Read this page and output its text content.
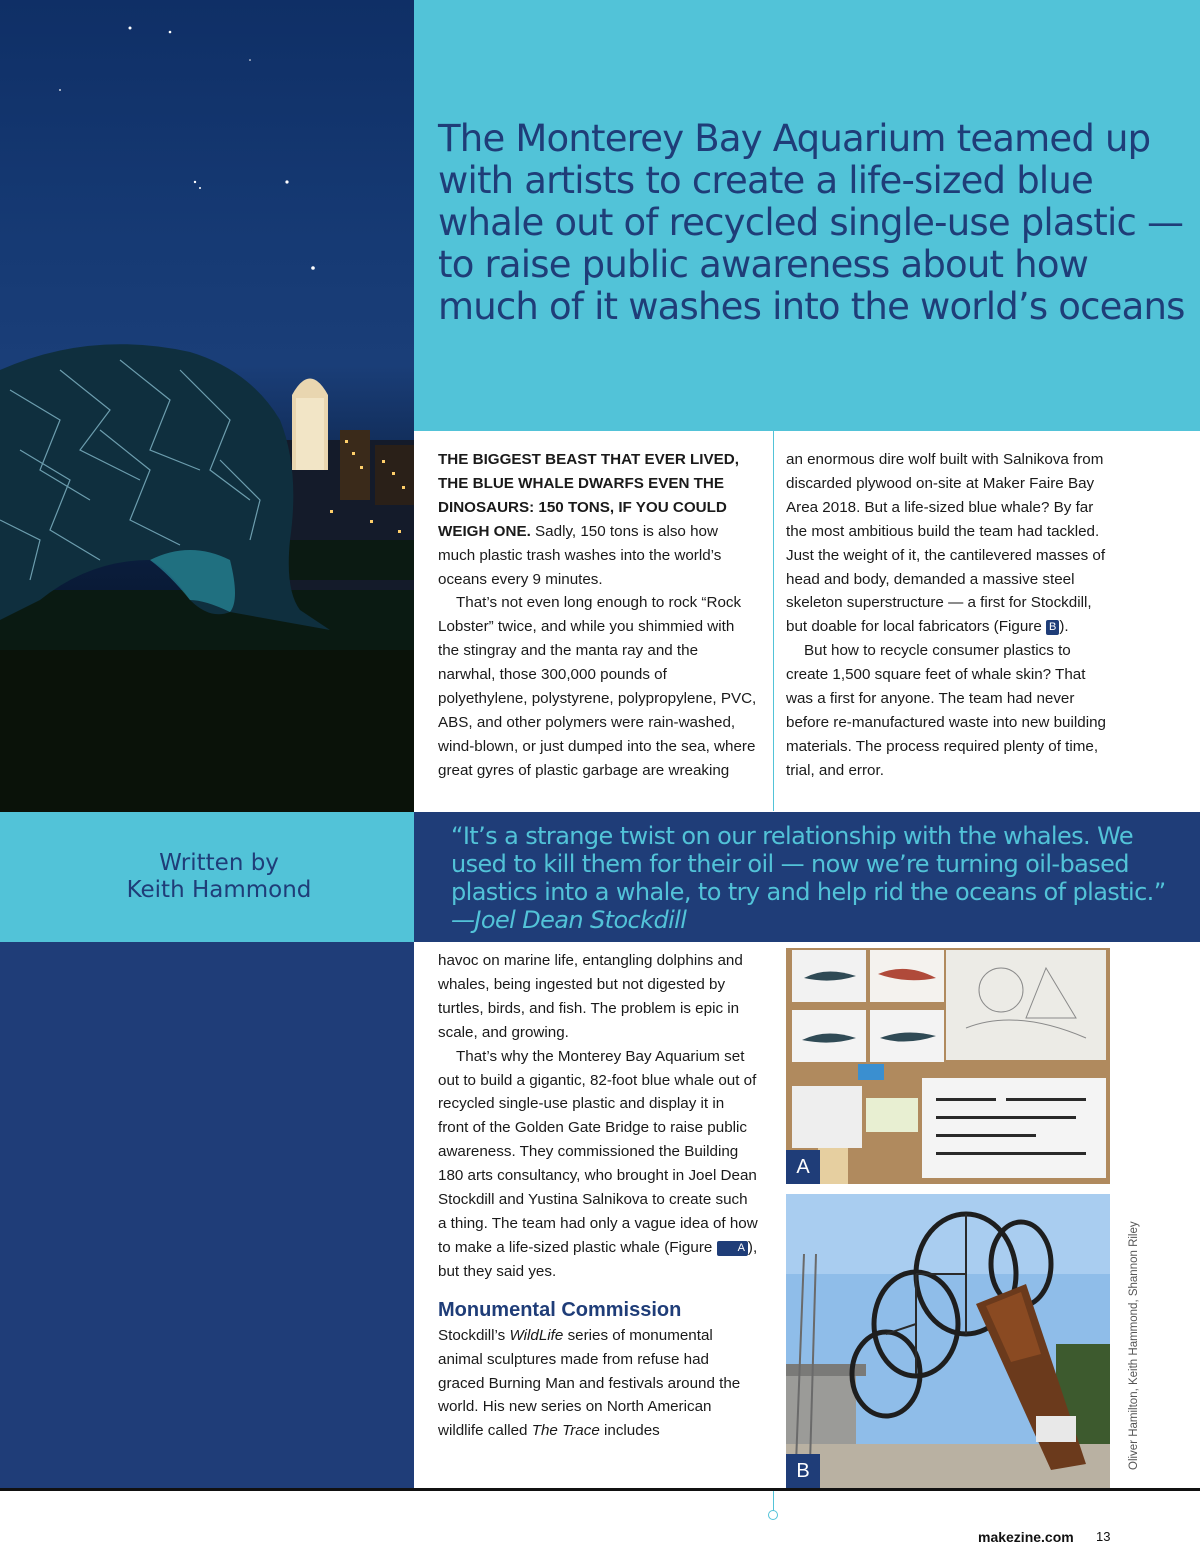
The Monterey Bay Aquarium teamed up with artists to create a life-sized blue whale out of recycled single-use plastic — to raise public awareness about how much of it washes into the world’s oceans

THE BIGGEST BEAST THAT EVER LIVED, THE BLUE WHALE DWARFS EVEN THE DINOSAURS: 150 TONS, IF YOU COULD WEIGH ONE. Sadly, 150 tons is also how much plastic trash washes into the world’s oceans every 9 minutes.

That’s not even long enough to rock “Rock Lobster” twice, and while you shimmied with the stingray and the manta ray and the narwhal, those 300,000 pounds of polyethylene, polystyrene, polypropylene, PVC, ABS, and other polymers were rain-washed, wind-blown, or just dumped into the sea, where great gyres of plastic garbage are wreaking

an enormous dire wolf built with Salnikova from discarded plywood on-site at Maker Faire Bay Area 2018. But a life-sized blue whale? By far the most ambitious build the team had tackled. Just the weight of it, the cantilevered masses of head and body, demanded a massive steel skeleton superstructure — a first for Stockdill, but doable for local fabricators (Figure B ).

But how to recycle consumer plastics to create 1,500 square feet of whale skin? That was a first for anyone. The team had never before re-manufactured waste into new building materials. The process required plenty of time, trial, and error.

Written by
Keith Hammond
“It’s a strange twist on our relationship with the whales. We used to kill them for their oil — now we’re turning oil-based plastics into a whale, to try and help rid the oceans of plastic.” —Joel Dean Stockdill

havoc on marine life, entangling dolphins and whales, being ingested but not digested by turtles, birds, and fish. The problem is epic in scale, and growing.

That’s why the Monterey Bay Aquarium set out to build a gigantic, 82-foot blue whale out of recycled single-use plastic and display it in front of the Golden Gate Bridge to raise public awareness. They commissioned the Building 180 arts consultancy, who brought in Joel Dean Stockdill and Yustina Salnikova to create such a thing. The team had only a vague idea of how to make a life-sized plastic whale (Figure A ), but they said yes.

Monumental Commission

Stockdill’s WildLife series of monumental animal sculptures made from refuse had graced Burning Man and festivals around the world. His new series on North American wildlife called The Trace includes

A
B
Oliver Hamilton, Keith Hammond, Shannon Riley
makezine.com 13
